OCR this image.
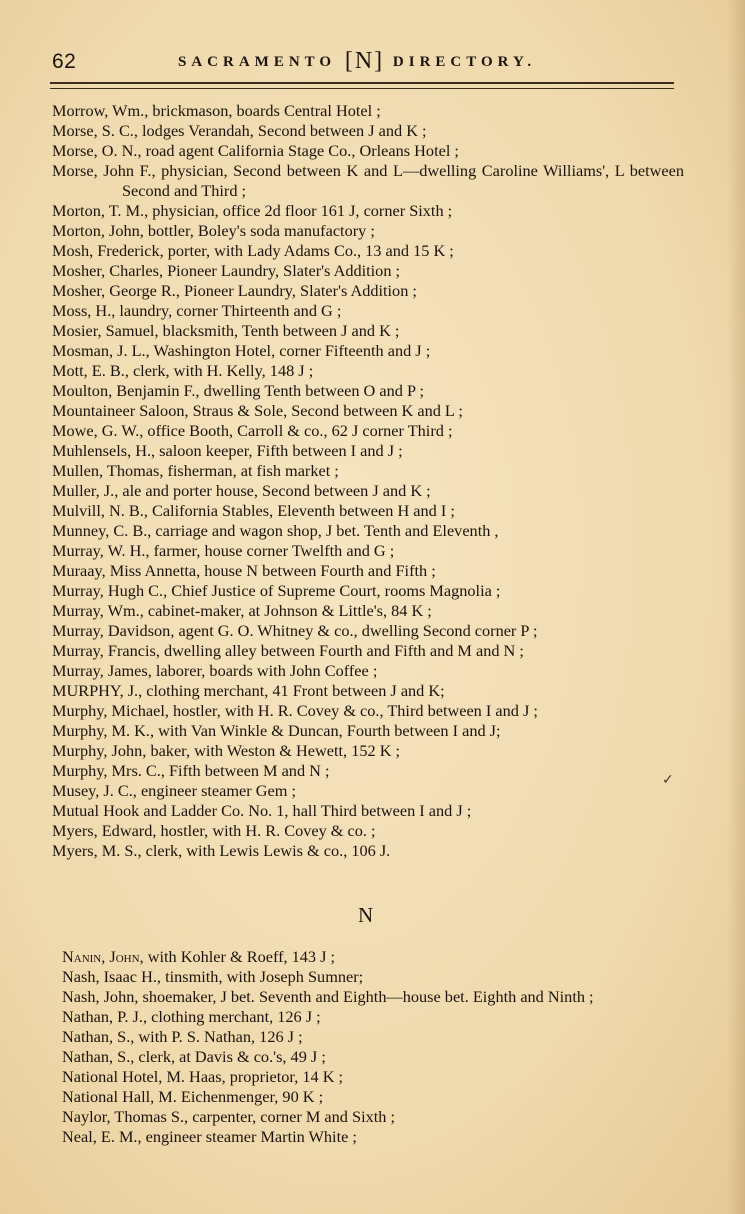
62	SACRAMENTO [N] DIRECTORY.
Morrow, Wm., brickmason, boards Central Hotel ;
Morse, S. C., lodges Verandah, Second between J and K ;
Morse, O. N., road agent California Stage Co., Orleans Hotel ;
Morse, John F., physician, Second between K and L—dwelling Caroline Williams', L between Second and Third ;
Morton, T. M., physician, office 2d floor 161 J, corner Sixth ;
Morton, John, bottler, Boley's soda manufactory ;
Mosh, Frederick, porter, with Lady Adams Co., 13 and 15 K ;
Mosher, Charles, Pioneer Laundry, Slater's Addition ;
Mosher, George R., Pioneer Laundry, Slater's Addition ;
Moss, H., laundry, corner Thirteenth and G ;
Mosier, Samuel, blacksmith, Tenth between J and K ;
Mosman, J. L., Washington Hotel, corner Fifteenth and J ;
Mott, E. B., clerk, with H. Kelly, 148 J ;
Moulton, Benjamin F., dwelling Tenth between O and P ;
Mountaineer Saloon, Straus & Sole, Second between K and L ;
Mowe, G. W., office Booth, Carroll & co., 62 J corner Third ;
Muhlensels, H., saloon keeper, Fifth between I and J ;
Mullen, Thomas, fisherman, at fish market ;
Muller, J., ale and porter house, Second between J and K ;
Mulvill, N. B., California Stables, Eleventh between H and I ;
Munney, C. B., carriage and wagon shop, J bet. Tenth and Eleventh ,
Murray, W. H., farmer, house corner Twelfth and G ;
Muraay, Miss Annetta, house N between Fourth and Fifth ;
Murray, Hugh C., Chief Justice of Supreme Court, rooms Magnolia ;
Murray, Wm., cabinet-maker, at Johnson & Little's, 84 K ;
Murray, Davidson, agent G. O. Whitney & co., dwelling Second corner P ;
Murray, Francis, dwelling alley between Fourth and Fifth and M and N ;
Murray, James, laborer, boards with John Coffee ;
MURPHY, J., clothing merchant, 41 Front between J and K;
Murphy, Michael, hostler, with H. R. Covey & co., Third between I and J ;
Murphy, M. K., with Van Winkle & Duncan, Fourth between I and J;
Murphy, John, baker, with Weston & Hewett, 152 K ;
Murphy, Mrs. C., Fifth between M and N ;
Musey, J. C., engineer steamer Gem ;
Mutual Hook and Ladder Co. No. 1, hall Third between I and J ;
Myers, Edward, hostler, with H. R. Covey & co. ;
Myers, M. S., clerk, with Lewis Lewis & co., 106 J.
✓
N
Nanin, John, with Kohler & Roeff, 143 J ;
Nash, Isaac H., tinsmith, with Joseph Sumner;
Nash, John, shoemaker, J bet. Seventh and Eighth—house bet. Eighth and Ninth ;
Nathan, P. J., clothing merchant, 126 J ;
Nathan, S., with P. S. Nathan, 126 J ;
Nathan, S., clerk, at Davis & co.'s, 49 J ;
National Hotel, M. Haas, proprietor, 14 K ;
National Hall, M. Eichenmenger, 90 K ;
Naylor, Thomas S., carpenter, corner M and Sixth ;
Neal, E. M., engineer steamer Martin White ;
